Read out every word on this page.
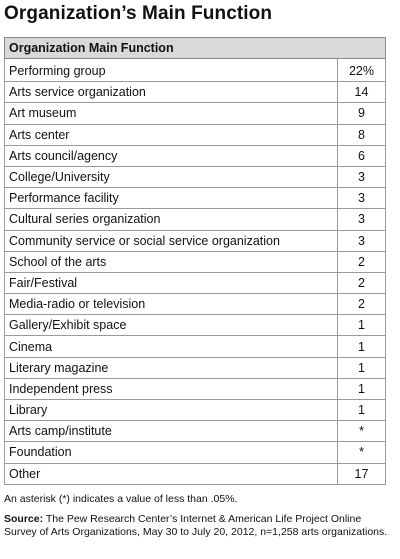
Organization’s Main Function
Organization Main Function	
Performing group	22%
Arts service organization	14
Art museum	9
Arts center	8
Arts council/agency	6
College/University	3
Performance facility	3
Cultural series organization	3
Community service or social service organization	3
School of the arts	2
Fair/Festival	2
Media-radio or television	2
Gallery/Exhibit space	1
Cinema	1
Literary magazine	1
Independent press	1
Library	1
Arts camp/institute	*
Foundation	*
Other	17
An asterisk (*) indicates a value of less than .05%.
Source: The Pew Research Center’s Internet & American Life Project Online Survey of Arts Organizations, May 30 to July 20, 2012, n=1,258 arts organizations.
